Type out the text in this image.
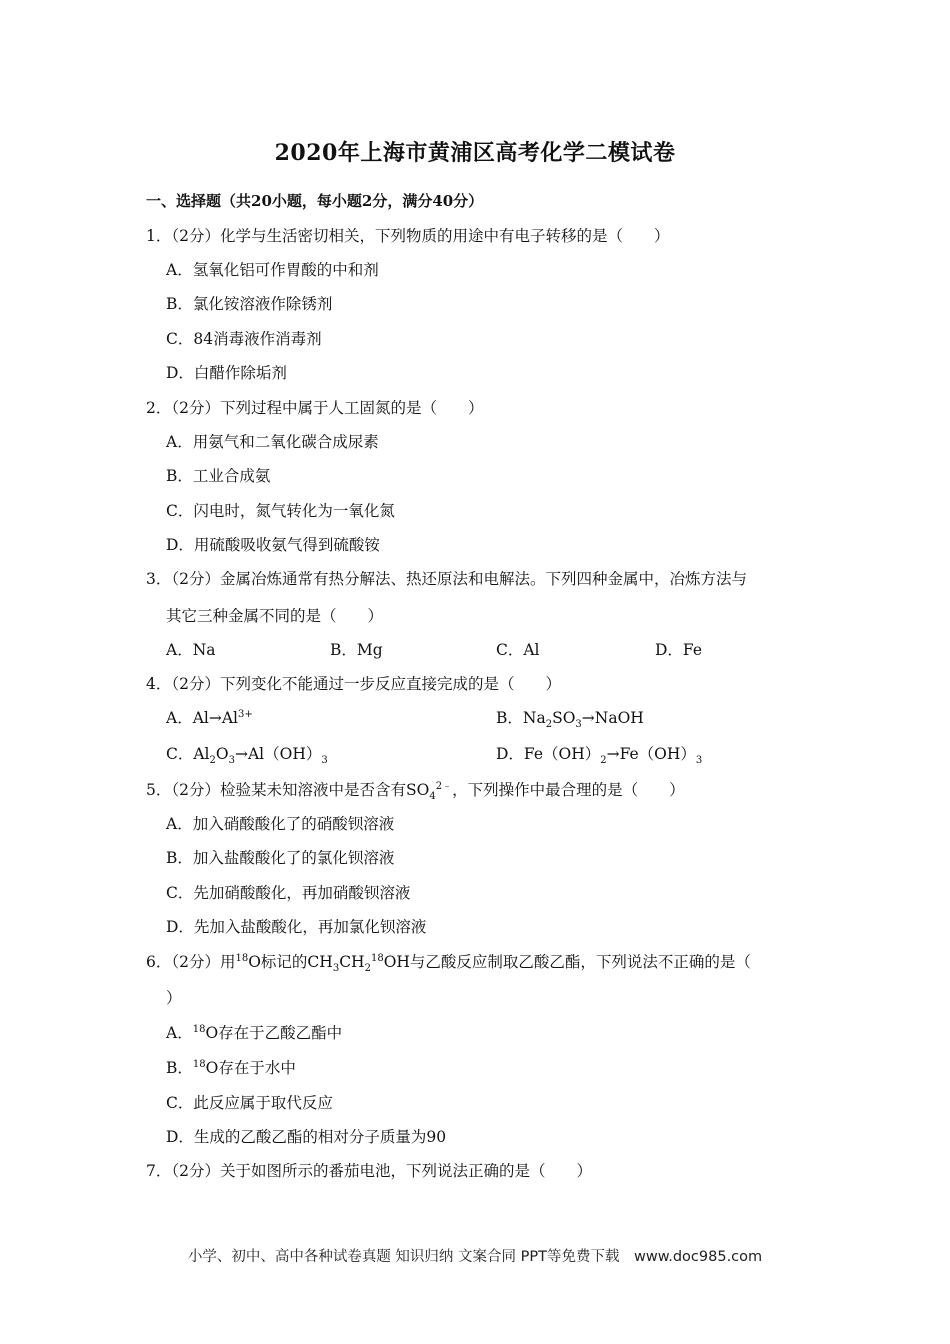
2020年上海市黄浦区高考化学二模试卷
一、选择题（共20小题，每小题2分，满分40分）
1．（2分）化学与生活密切相关，下列物质的用途中有电子转移的是（　　）
A．氢氧化铝可作胃酸的中和剂
B．氯化铵溶液作除锈剂
C．84消毒液作消毒剂
D．白醋作除垢剂
2．（2分）下列过程中属于人工固氮的是（　　）
A．用氨气和二氧化碳合成尿素
B．工业合成氨
C．闪电时，氮气转化为一氧化氮
D．用硫酸吸收氨气得到硫酸铵
3．（2分）金属冶炼通常有热分解法、热还原法和电解法。下列四种金属中，冶炼方法与
其它三种金属不同的是（　　）
A．Na	B．Mg	C．Al	D．Fe
4．（2分）下列变化不能通过一步反应直接完成的是（　　）
A．$Al\to Al^{3+}$	B．$Na_2SO_3\to NaOH$
C．$Al_2O_3\to Al(OH)_3$	D．$Fe(OH)_2\to Fe(OH)_3$
5．（2分）检验某未知溶液中是否含有$SO_4^{2﹣}$，下列操作中最合理的是（　　）
A．加入硝酸酸化了的硝酸钡溶液
B．加入盐酸酸化了的氯化钡溶液
C．先加硝酸酸化，再加硝酸钡溶液
D．先加入盐酸酸化，再加氯化钡溶液
6．（2分）用$^{18}$O标记的$CH_3CH_2^{18}OH$与乙酸反应制取乙酸乙酯，下列说法不正确的是（
）
A．$^{18}$O存在于乙酸乙酯中
B．$^{18}$O存在于水中
C．此反应属于取代反应
D．生成的乙酸乙酯的相对分子质量为90
7．（2分）关于如图所示的番茄电池，下列说法正确的是（　　）
小学、初中、高中各种试卷真题 知识归纳 文案合同 PPT等免费下载　www.doc985.com
